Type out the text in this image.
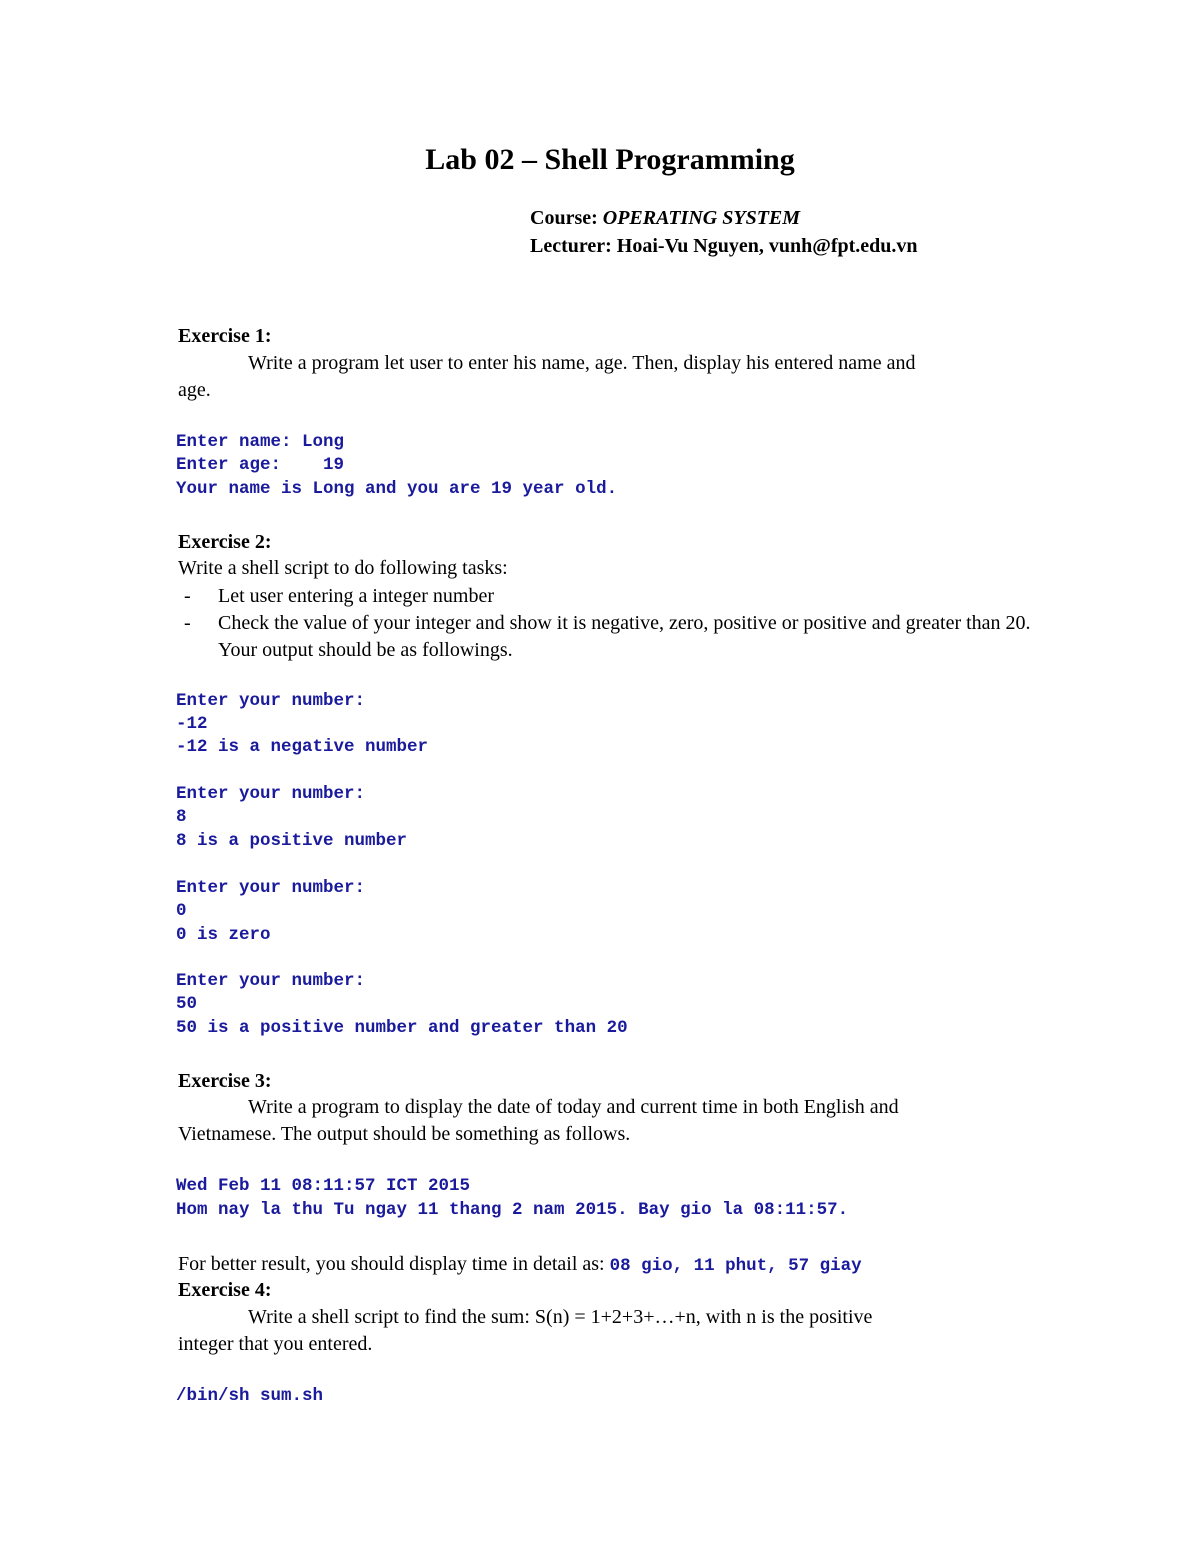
Lab 02 – Shell Programming
Course: OPERATING SYSTEM
Lecturer: Hoai-Vu Nguyen, vunh@fpt.edu.vn
Exercise 1:
Write a program let user to enter his name, age. Then, display his entered name and
age.
Enter name: Long
Enter age:    19
Your name is Long and you are 19 year old.
Exercise 2:
Write a shell script to do following tasks:
-	Let user entering a integer number
-	Check the value of your integer and show it is negative, zero, positive or positive and greater than 20. Your output should be as followings.
Enter your number:
-12
-12 is a negative number
Enter your number:
8
8 is a positive number
Enter your number:
0
0 is zero
Enter your number:
50
50 is a positive number and greater than 20
Exercise 3:
Write a program to display the date of today and current time in both English and
Vietnamese. The output should be something as follows.
Wed Feb 11 08:11:57 ICT 2015
Hom nay la thu Tu ngay 11 thang 2 nam 2015. Bay gio la 08:11:57.
For better result, you should display time in detail as: 08 gio, 11 phut, 57 giay
Exercise 4:
Write a shell script to find the sum: S(n) = 1+2+3+…+n, with n is the positive
integer that you entered.
/bin/sh sum.sh
